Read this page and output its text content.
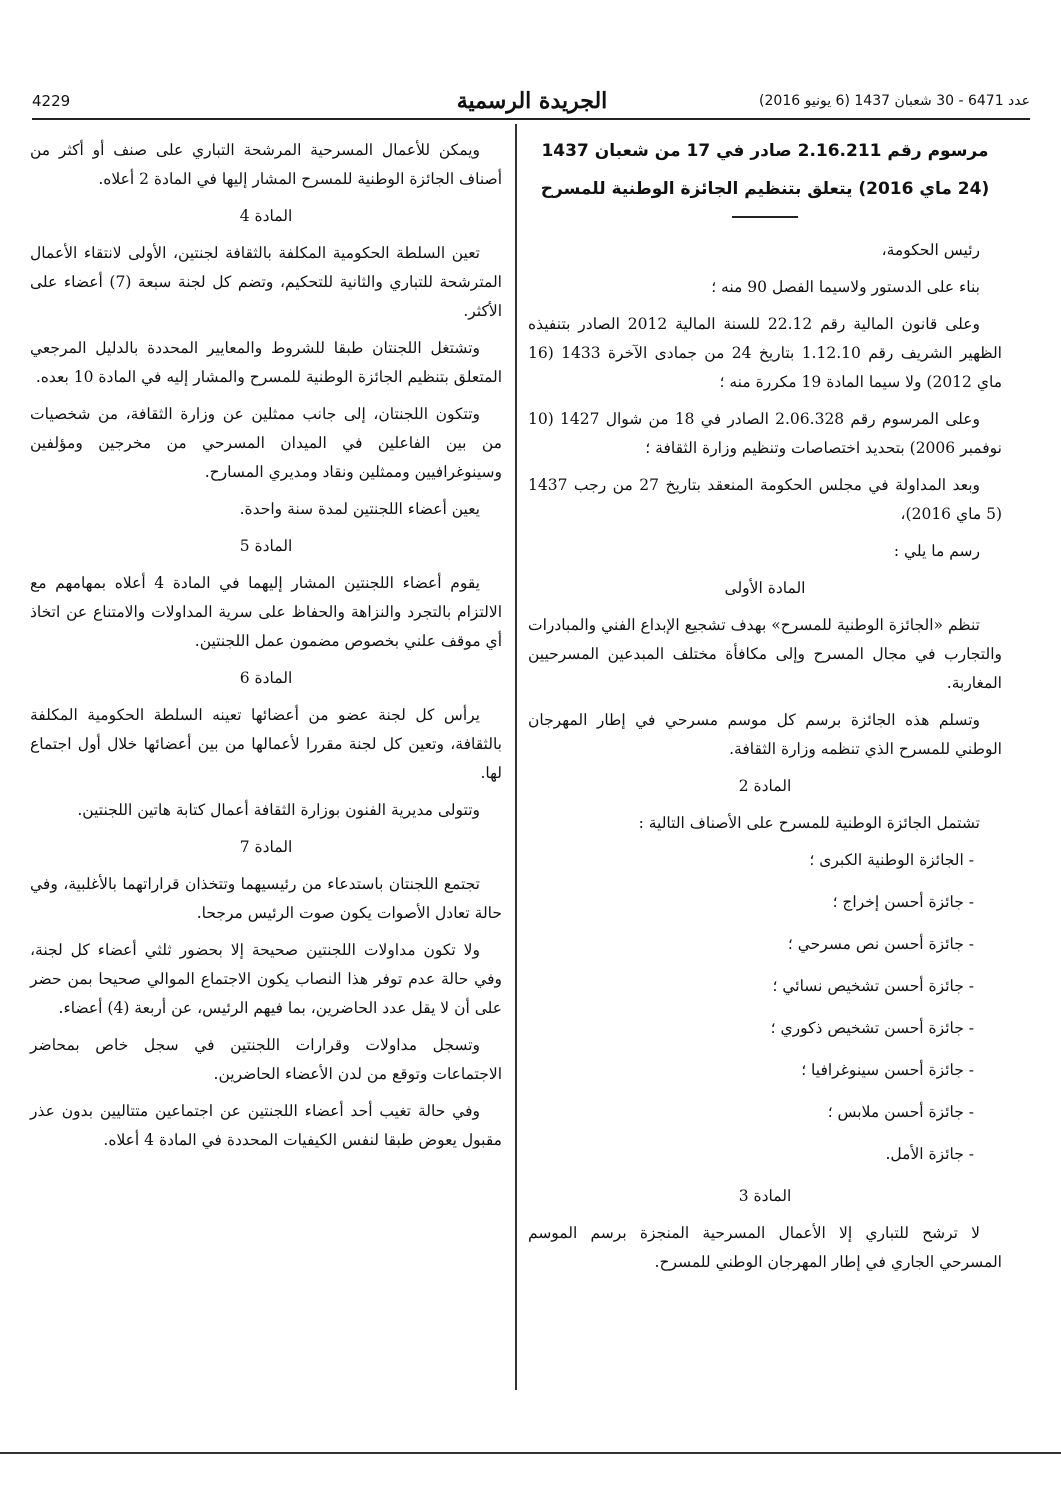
4229	الجريدة الرسمية	عدد 6471 - 30 شعبان 1437 (6 يونيو 2016)

مرسوم رقم 2.16.211 صادر في 17 من شعبان 1437

(24 ماي 2016) يتعلق بتنظيم الجائزة الوطنية للمسرح

رئيس الحكومة،

بناء على الدستور ولاسيما الفصل 90 منه ؛

وعلى قانون المالية رقم 22.12 للسنة المالية 2012 الصادر بتنفيذه الظهير الشريف رقم 1.12.10 بتاريخ 24 من جمادى الآخرة 1433 (16 ماي 2012) ولا سيما المادة 19 مكررة منه ؛

وعلى المرسوم رقم 2.06.328 الصادر في 18 من شوال 1427 (10 نوفمبر 2006) بتحديد اختصاصات وتنظيم وزارة الثقافة ؛

وبعد المداولة في مجلس الحكومة المنعقد بتاريخ 27 من رجب 1437 (5 ماي 2016)،

رسم ما يلي :

المادة الأولى

تنظم «الجائزة الوطنية للمسرح» بهدف تشجيع الإبداع الفني والمبادرات والتجارب في مجال المسرح وإلى مكافأة مختلف المبدعين المسرحيين المغاربة.

وتسلم هذه الجائزة برسم كل موسم مسرحي في إطار المهرجان الوطني للمسرح الذي تنظمه وزارة الثقافة.

المادة 2

تشتمل الجائزة الوطنية للمسرح على الأصناف التالية :

- الجائزة الوطنية الكبرى ؛
- جائزة أحسن إخراج ؛
- جائزة أحسن نص مسرحي ؛
- جائزة أحسن تشخيص نسائي ؛
- جائزة أحسن تشخيص ذكوري ؛
- جائزة أحسن سينوغرافيا ؛
- جائزة أحسن ملابس ؛
- جائزة الأمل.

المادة 3

لا ترشح للتباري إلا الأعمال المسرحية المنجزة برسم الموسم المسرحي الجاري في إطار المهرجان الوطني للمسرح.

ويمكن للأعمال المسرحية المرشحة التباري على صنف أو أكثر من أصناف الجائزة الوطنية للمسرح المشار إليها في المادة 2 أعلاه.

المادة 4

تعين السلطة الحكومية المكلفة بالثقافة لجنتين، الأولى لانتقاء الأعمال المترشحة للتباري والثانية للتحكيم، وتضم كل لجنة سبعة (7) أعضاء على الأكثر.

وتشتغل اللجنتان طبقا للشروط والمعايير المحددة بالدليل المرجعي المتعلق بتنظيم الجائزة الوطنية للمسرح والمشار إليه في المادة 10 بعده.

وتتكون اللجنتان، إلى جانب ممثلين عن وزارة الثقافة، من شخصيات من بين الفاعلين في الميدان المسرحي من مخرجين ومؤلفين وسينوغرافيين وممثلين ونقاد ومديري المسارح.

يعين أعضاء اللجنتين لمدة سنة واحدة.

المادة 5

يقوم أعضاء اللجنتين المشار إليهما في المادة 4 أعلاه بمهامهم مع الالتزام بالتجرد والنزاهة والحفاظ على سرية المداولات والامتناع عن اتخاذ أي موقف علني بخصوص مضمون عمل اللجنتين.

المادة 6

يرأس كل لجنة عضو من أعضائها تعينه السلطة الحكومية المكلفة بالثقافة، وتعين كل لجنة مقررا لأعمالها من بين أعضائها خلال أول اجتماع لها.

وتتولى مديرية الفنون بوزارة الثقافة أعمال كتابة هاتين اللجنتين.

المادة 7

تجتمع اللجنتان باستدعاء من رئيسيهما وتتخذان قراراتهما بالأغلبية، وفي حالة تعادل الأصوات يكون صوت الرئيس مرجحا.

ولا تكون مداولات اللجنتين صحيحة إلا بحضور ثلثي أعضاء كل لجنة، وفي حالة عدم توفر هذا النصاب يكون الاجتماع الموالي صحيحا بمن حضر على أن لا يقل عدد الحاضرين، بما فيهم الرئيس، عن أربعة (4) أعضاء.

وتسجل مداولات وقرارات اللجنتين في سجل خاص بمحاضر الاجتماعات وتوقع من لدن الأعضاء الحاضرين.

وفي حالة تغيب أحد أعضاء اللجنتين عن اجتماعين متتاليين بدون عذر مقبول يعوض طبقا لنفس الكيفيات المحددة في المادة 4 أعلاه.
